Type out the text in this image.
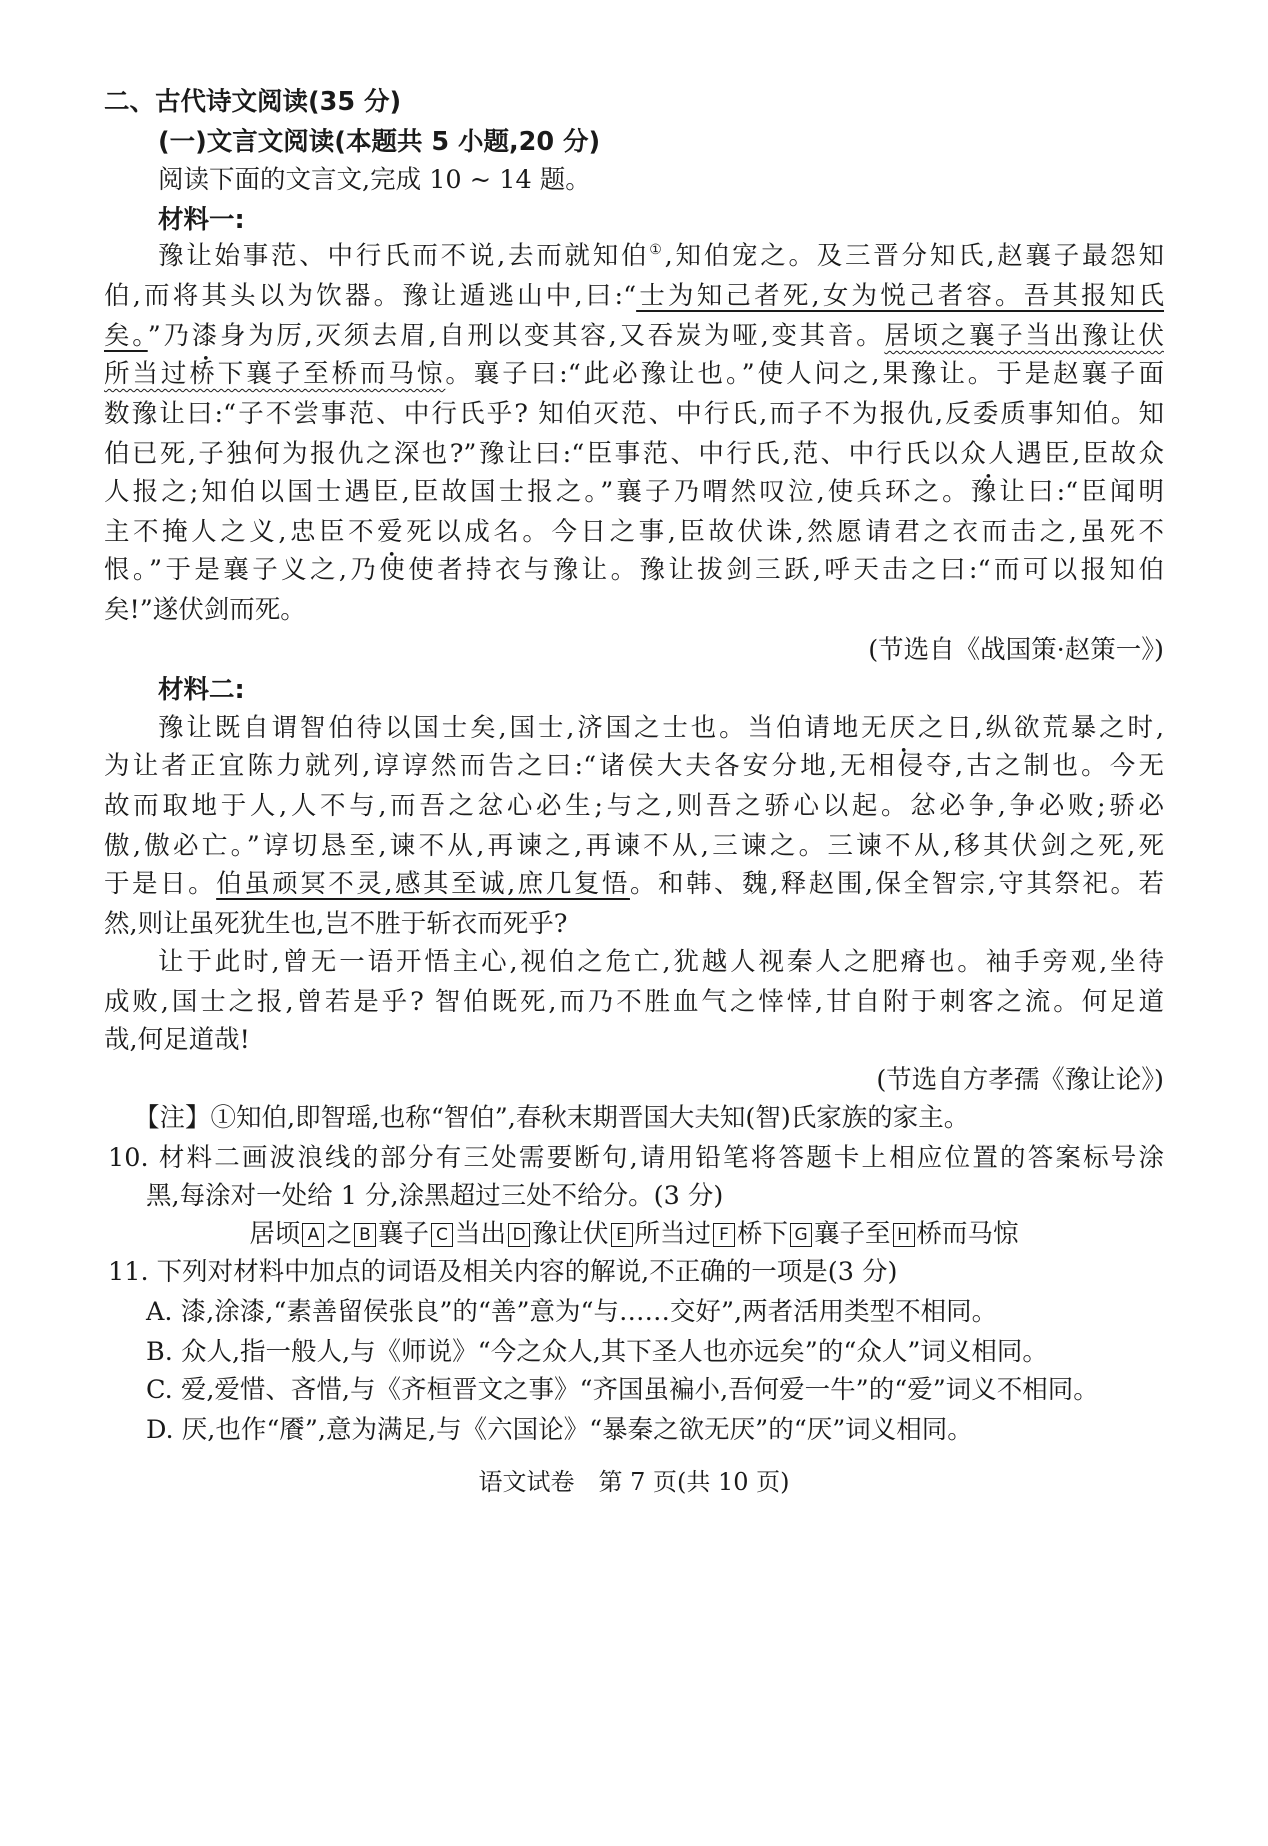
二、古代诗文阅读(35 分)
(一)文言文阅读(本题共 5 小题,20 分)
阅读下面的文言文,完成 10 ~ 14 题。
材料一:
豫让始事范、中行氏而不说,去而就知伯①,知伯宠之。及三晋分知氏,赵襄子最怨知
伯,而将其头以为饮器。豫让遁逃山中,曰:“士为知己者死,女为悦己者容。吾其报知氏
矣。”乃漆身为厉,灭须去眉,自刑以变其容,又吞炭为哑,变其音。居顷之襄子当出豫让伏
所当过桥下襄子至桥而马惊。襄子曰:“此必豫让也。”使人问之,果豫让。于是赵襄子面
数豫让曰:“子不尝事范、中行氏乎? 知伯灭范、中行氏,而子不为报仇,反委质事知伯。知
伯已死,子独何为报仇之深也?”豫让曰:“臣事范、中行氏,范、中行氏以众人遇臣,臣故众
人报之;知伯以国士遇臣,臣故国士报之。”襄子乃喟然叹泣,使兵环之。豫让曰:“臣闻明
主不掩人之义,忠臣不爱死以成名。今日之事,臣故伏诛,然愿请君之衣而击之,虽死不
恨。”于是襄子义之,乃使使者持衣与豫让。豫让拔剑三跃,呼天击之曰:“而可以报知伯
矣!”遂伏剑而死。
(节选自《战国策·赵策一》)
材料二:
豫让既自谓智伯待以国士矣,国士,济国之士也。当伯请地无厌之日,纵欲荒暴之时,
为让者正宜陈力就列,谆谆然而告之曰:“诸侯大夫各安分地,无相侵夺,古之制也。今无
故而取地于人,人不与,而吾之忿心必生;与之,则吾之骄心以起。忿必争,争必败;骄必
傲,傲必亡。”谆切恳至,谏不从,再谏之,再谏不从,三谏之。三谏不从,移其伏剑之死,死
于是日。伯虽顽冥不灵,感其至诚,庶几复悟。和韩、魏,释赵围,保全智宗,守其祭祀。若
然,则让虽死犹生也,岂不胜于斩衣而死乎?
让于此时,曾无一语开悟主心,视伯之危亡,犹越人视秦人之肥瘠也。袖手旁观,坐待
成败,国士之报,曾若是乎? 智伯既死,而乃不胜血气之悻悻,甘自附于刺客之流。何足道
哉,何足道哉!
(节选自方孝孺《豫让论》)
【注】①知伯,即智瑶,也称“智伯”,春秋末期晋国大夫知(智)氏家族的家主。
10. 材料二画波浪线的部分有三处需要断句,请用铅笔将答题卡上相应位置的答案标号涂
黑,每涂对一处给 1 分,涂黑超过三处不给分。(3 分)
居顷 A 之 B 襄子 C 当出 D 豫让伏 E 所当过 F 桥下 G 襄子至 H 桥而马惊
11. 下列对材料中加点的词语及相关内容的解说,不正确的一项是(3 分)
A. 漆,涂漆,“素善留侯张良”的“善”意为“与……交好”,两者活用类型不相同。
B. 众人,指一般人,与《师说》“今之众人,其下圣人也亦远矣”的“众人”词义相同。
C. 爱,爱惜、吝惜,与《齐桓晋文之事》“齐国虽褊小,吾何爱一牛”的“爱”词义不相同。
D. 厌,也作“餍”,意为满足,与《六国论》“暴秦之欲无厌”的“厌”词义相同。
语文试卷　第 7 页(共 10 页)
